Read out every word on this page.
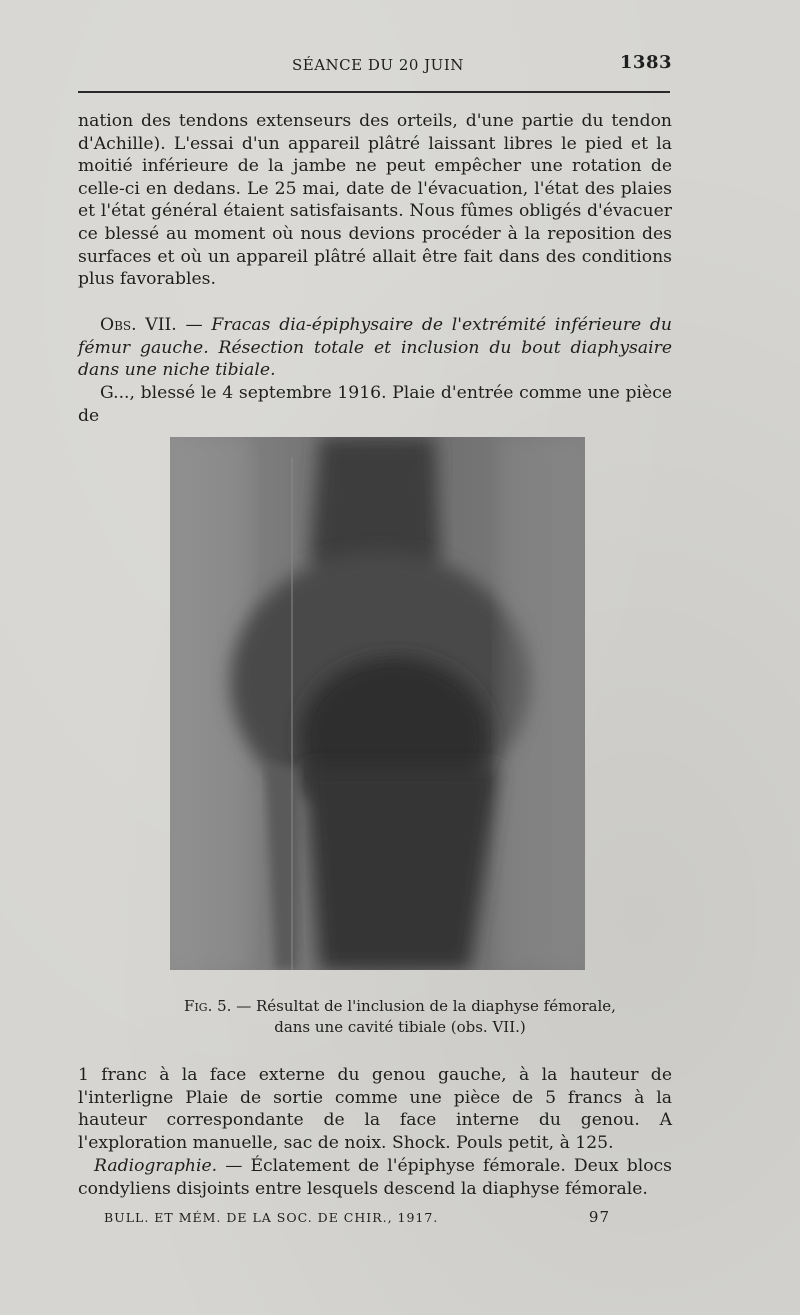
SÉANCE DU 20 JUIN	1383
nation des tendons extenseurs des orteils, d'une partie du tendon d'Achille). L'essai d'un appareil plâtré laissant libres le pied et la moitié inférieure de la jambe ne peut empêcher une rotation de celle-ci en dedans. Le 25 mai, date de l'évacuation, l'état des plaies et l'état général étaient satisfaisants. Nous fûmes obligés d'évacuer ce blessé au moment où nous devions procéder à la reposition des surfaces et où un appareil plâtré allait être fait dans des conditions plus favorables.
Obs. VII. — Fracas dia-épiphysaire de l'extrémité inférieure du fémur gauche. Résection totale et inclusion du bout diaphysaire dans une niche tibiale.
G..., blessé le 4 septembre 1916. Plaie d'entrée comme une pièce de
Fig. 5. — Résultat de l'inclusion de la diaphyse fémorale,
dans une cavité tibiale (obs. VII.)
1 franc à la face externe du genou gauche, à la hauteur de l'interligne Plaie de sortie comme une pièce de 5 francs à la hauteur correspondante de la face interne du genou. A l'exploration manuelle, sac de noix. Shock. Pouls petit, à 125.
Radiographie. — Éclatement de l'épiphyse fémorale. Deux blocs condyliens disjoints entre lesquels descend la diaphyse fémorale.
BULL. ET MÉM. DE LA SOC. DE CHIR., 1917.	97
